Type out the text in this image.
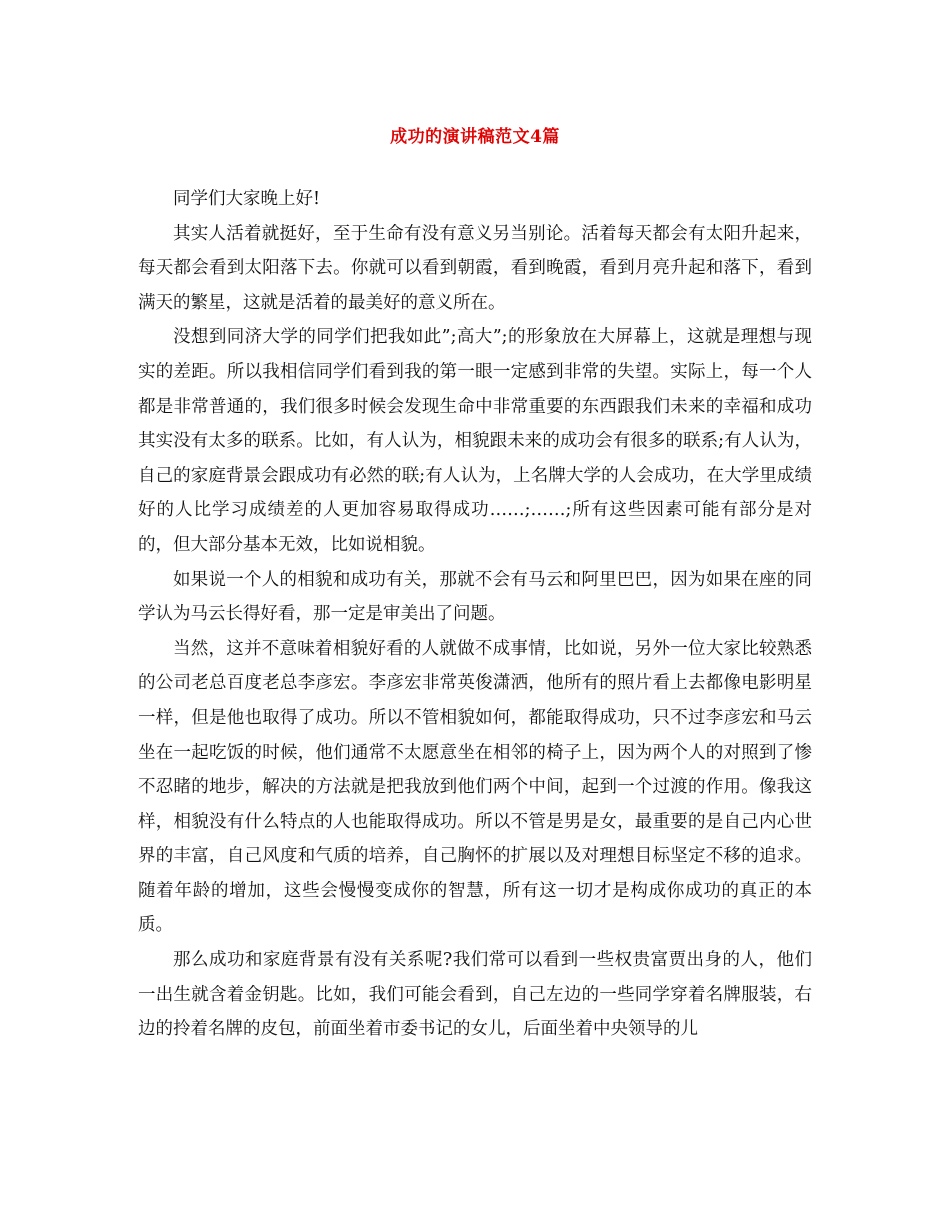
成功的演讲稿范文4篇

同学们大家晚上好!

其实人活着就挺好，至于生命有没有意义另当别论。活着每天都会有太阳升起来，每天都会看到太阳落下去。你就可以看到朝霞，看到晚霞，看到月亮升起和落下，看到满天的繁星，这就是活着的最美好的意义所在。

没想到同济大学的同学们把我如此”;高大”;的形象放在大屏幕上，这就是理想与现实的差距。所以我相信同学们看到我的第一眼一定感到非常的失望。实际上，每一个人都是非常普通的，我们很多时候会发现生命中非常重要的东西跟我们未来的幸福和成功其实没有太多的联系。比如，有人认为，相貌跟未来的成功会有很多的联系;有人认为，自己的家庭背景会跟成功有必然的联;有人认为，上名牌大学的人会成功，在大学里成绩好的人比学习成绩差的人更加容易取得成功……;……;所有这些因素可能有部分是对的，但大部分基本无效，比如说相貌。

如果说一个人的相貌和成功有关，那就不会有马云和阿里巴巴，因为如果在座的同学认为马云长得好看，那一定是审美出了问题。

当然，这并不意味着相貌好看的人就做不成事情，比如说，另外一位大家比较熟悉的公司老总百度老总李彦宏。李彦宏非常英俊潇洒，他所有的照片看上去都像电影明星一样，但是他也取得了成功。所以不管相貌如何，都能取得成功，只不过李彦宏和马云坐在一起吃饭的时候，他们通常不太愿意坐在相邻的椅子上，因为两个人的对照到了惨不忍睹的地步，解决的方法就是把我放到他们两个中间，起到一个过渡的作用。像我这样，相貌没有什么特点的人也能取得成功。所以不管是男是女，最重要的是自己内心世界的丰富，自己风度和气质的培养，自己胸怀的扩展以及对理想目标坚定不移的追求。随着年龄的增加，这些会慢慢变成你的智慧，所有这一切才是构成你成功的真正的本质。

那么成功和家庭背景有没有关系呢?我们常可以看到一些权贵富贾出身的人，他们一出生就含着金钥匙。比如，我们可能会看到，自己左边的一些同学穿着名牌服装，右边的拎着名牌的皮包，前面坐着市委书记的女儿，后面坐着中央领导的儿
